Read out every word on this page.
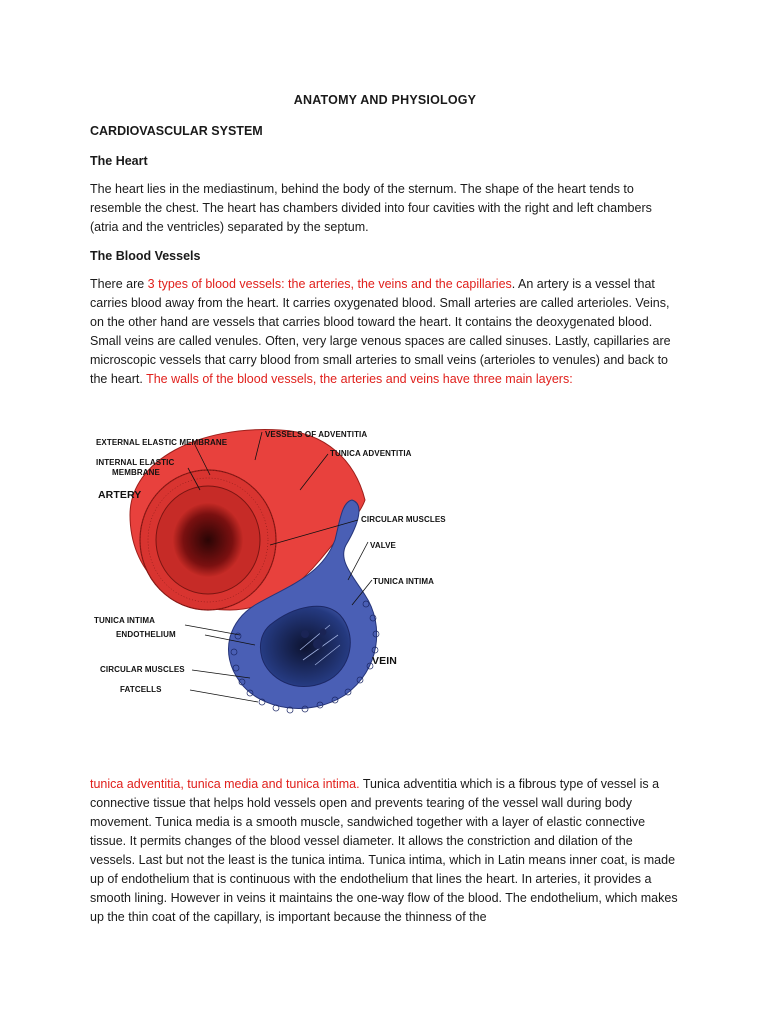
ANATOMY AND PHYSIOLOGY
CARDIOVASCULAR SYSTEM
The Heart

The heart lies in the mediastinum, behind the body of the sternum. The shape of the heart tends to resemble the chest. The heart has chambers divided into four cavities with the right and left chambers (atria and the ventricles) separated by the septum.

The Blood Vessels

There are 3 types of blood vessels: the arteries, the veins and the capillaries. An artery is a vessel that carries blood away from the heart. It carries oxygenated blood. Small arteries are called arterioles. Veins, on the other hand are vessels that carries blood toward the heart. It contains the deoxygenated blood. Small veins are called venules. Often, very large venous spaces are called sinuses. Lastly, capillaries are microscopic vessels that carry blood from small arteries to small veins (arterioles to venules) and back to the heart. The walls of the blood vessels, the arteries and veins have three main layers:

tunica adventitia, tunica media and tunica intima. Tunica adventitia which is a fibrous type of vessel is a connective tissue that helps hold vessels open and prevents tearing of the vessel wall during body movement. Tunica media is a smooth muscle, sandwiched together with a layer of elastic connective tissue. It permits changes of the blood vessel diameter. It allows the constriction and dilation of the vessels. Last but not the least is the tunica intima. Tunica intima, which in Latin means inner coat, is made up of endothelium that is continuous with the endothelium that lines the heart. In arteries, it provides a smooth lining. However in veins it maintains the one-way flow of the blood. The endothelium, which makes up the thin coat of the capillary, is important because the thinness of the

EXTERNAL ELASTIC MEMBRANE
INTERNAL ELASTIC
MEMBRANE
ARTERY
VESSELS OF ADVENTITIA
TUNICA ADVENTITIA
CIRCULAR MUSCLES
VALVE
TUNICA INTIMA
TUNICA INTIMA
ENDOTHELIUM
VEIN
CIRCULAR MUSCLES
FATCELLS
